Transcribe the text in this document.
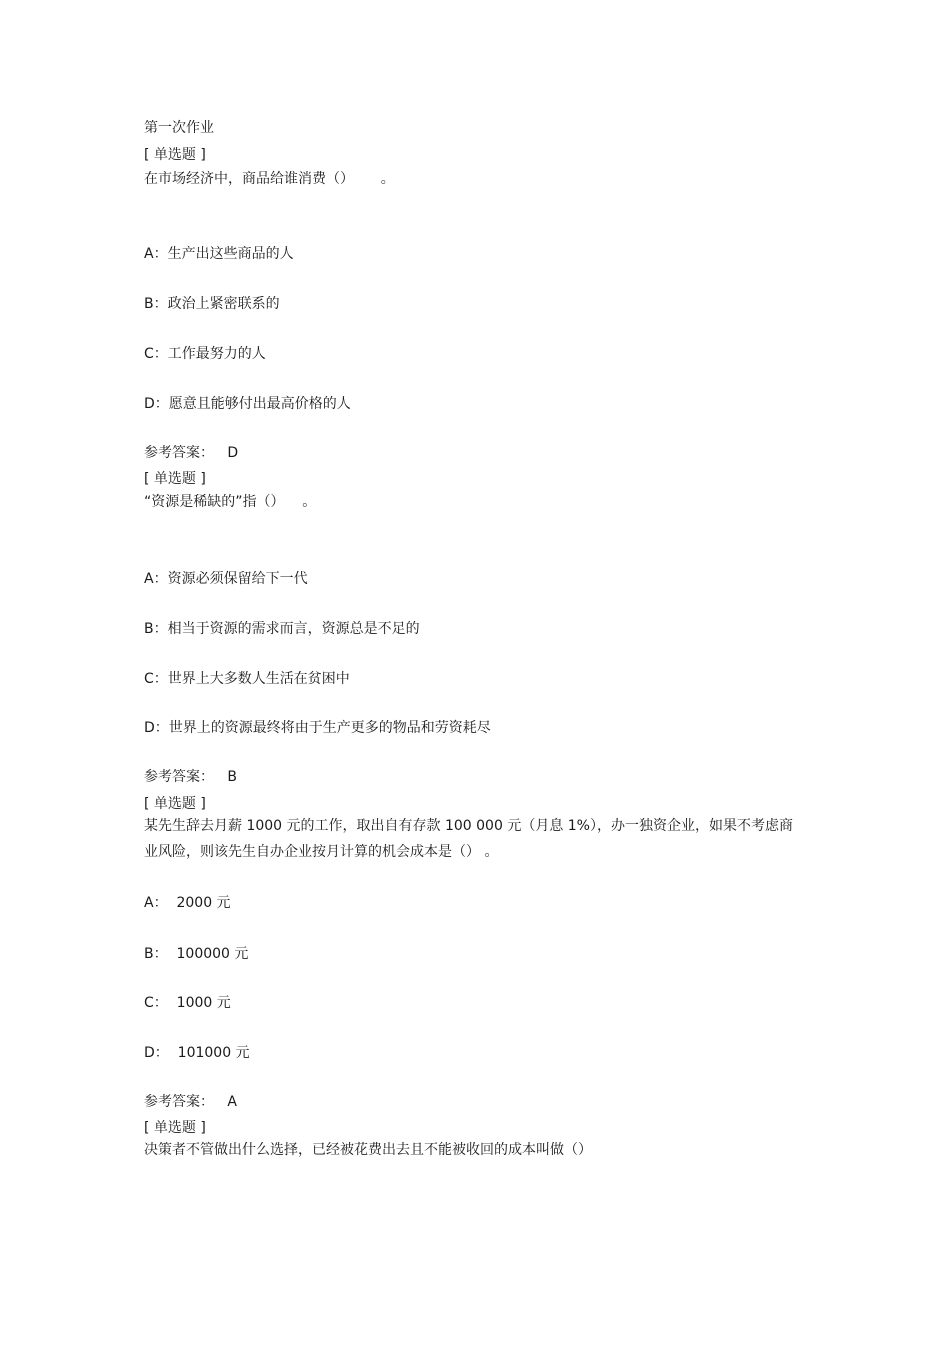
第一次作业
[ 单选题 ]
在市场经济中，商品给谁消费（）      。
A：生产出这些商品的人
B：政治上紧密联系的
C：工作最努力的人
D：愿意且能够付出最高价格的人
参考答案：   D
[ 单选题 ]
“资源是稀缺的”指（）    。
A：资源必须保留给下一代
B：相当于资源的需求而言，资源总是不足的
C：世界上大多数人生活在贫困中
D：世界上的资源最终将由于生产更多的物品和劳资耗尽
参考答案：   B
[ 单选题 ]
某先生辞去月薪 1000 元的工作，取出自有存款 100 000 元（月息 1%），办一独资企业，如果不考虑商业风险，则该先生自办企业按月计算的机会成本是（） 。
A：  2000 元
B：  100000 元
C：  1000 元
D：  101000 元
参考答案：   A
[ 单选题 ]
决策者不管做出什么选择，已经被花费出去且不能被收回的成本叫做（）
